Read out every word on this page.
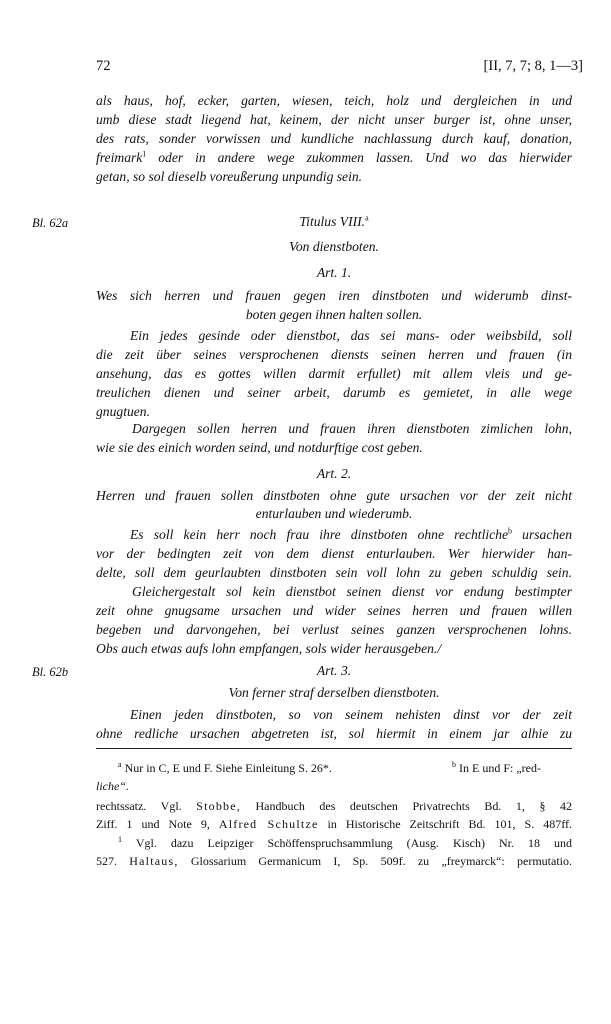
72	[II, 7, 7; 8, 1—3]
als haus, hof, ecker, garten, wiesen, teich, holz und dergleichen in und
umb diese stadt liegend hat, keinem, der nicht unser burger ist, ohne unser,
des rats, sonder vorwissen und kundliche nachlassung durch kauf, donation,
freimark$^1$ oder in andere wege zukommen lassen. Und wo das hierwider
getan, so sol dieselb voreußerung unpundig sein.
Bl. 62a	Titulus VIII.$^a$
Von dienstboten.
Art. 1.
Wes sich herren und frauen gegen iren dinstboten und widerumb dinst-
boten gegen ihnen halten sollen.
Ein jedes gesinde oder dienstbot, das sei mans- oder weibsbild, soll
die zeit über seines versprochenen diensts seinen herren und frauen (in
ansehung, das es gottes willen darmit erfullet) mit allem vleis und ge-
treulichen dienen und seiner arbeit, darumb es gemietet, in alle wege
gnugtuen.
Dargegen sollen herren und frauen ihren dienstboten zimlichen lohn,
wie sie des einich worden seind, und notdurftige cost geben.
Art. 2.
Herren und frauen sollen dinstboten ohne gute ursachen vor der zeit nicht
enturlauben und wiederumb.
Es soll kein herr noch frau ihre dinstboten ohne rechtliche$^b$ ursachen
vor der bedingten zeit von dem dienst enturlauben. Wer hierwider han-
delte, soll dem geurlaubten dinstboten sein voll lohn zu geben schuldig sein.
Gleichergestalt sol kein dienstbot seinen dienst vor endung bestimpter
zeit ohne gnugsame ursachen und wider seines herren und frauen willen
begeben und darvongehen, bei verlust seines ganzen versprochenen lohns.
Obs auch etwas aufs lohn empfangen, sols wider herausgeben./
Bl. 62b	Art. 3.
Von ferner straf derselben dienstboten.
Einen jeden dinstboten, so von seinem nehisten dinst vor der zeit
ohne redliche ursachen abgetreten ist, sol hiermit in einem jar alhie zu
$^a$ Nur in C, E und F. Siehe Einleitung S. 26*.	$^b$ In E und F: „red-
liche“.
rechtssatz. Vgl. Stobbe, Handbuch des deutschen Privatrechts Bd. 1, § 42
Ziff. 1 und Note 9, Alfred Schultze in Historische Zeitschrift Bd. 101, S. 487ff.
$^1$ Vgl. dazu Leipziger Schöffenspruchsammlung (Ausg. Kisch) Nr. 18 und
527. Haltaus, Glossarium Germanicum I, Sp. 509f. zu „freymarck“: permutatio.
